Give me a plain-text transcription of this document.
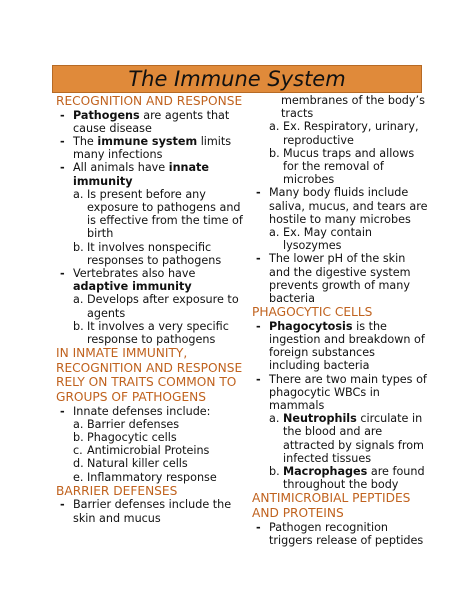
The Immune System
RECOGNITION AND RESPONSE
- Pathogens are agents that cause disease
- The immune system limits many infections
- All animals have innate immunity
a. Is present before any exposure to pathogens and is effective from the time of birth
b. It involves nonspecific responses to pathogens
- Vertebrates also have adaptive immunity
a. Develops after exposure to agents
b. It involves a very specific response to pathogens
IN INMATE IMMUNITY, RECOGNITION AND RESPONSE RELY ON TRAITS COMMON TO GROUPS OF PATHOGENS
- Innate defenses include:
a. Barrier defenses
b. Phagocytic cells
c. Antimicrobial Proteins
d. Natural killer cells
e. Inflammatory response
BARRIER DEFENSES
- Barrier defenses include the skin and mucus
membranes of the body’s tracts
a. Ex. Respiratory, urinary, reproductive
b. Mucus traps and allows for the removal of microbes
- Many body fluids include saliva, mucus, and tears are hostile to many microbes
a. Ex. May contain lysozymes
- The lower pH of the skin and the digestive system prevents growth of many bacteria
PHAGOCYTIC CELLS
- Phagocytosis is the ingestion and breakdown of foreign substances including bacteria
- There are two main types of phagocytic WBCs in mammals
a. Neutrophils circulate in the blood and are attracted by signals from infected tissues
b. Macrophages are found throughout the body
ANTIMICROBIAL PEPTIDES AND PROTEINS
- Pathogen recognition triggers release of peptides
